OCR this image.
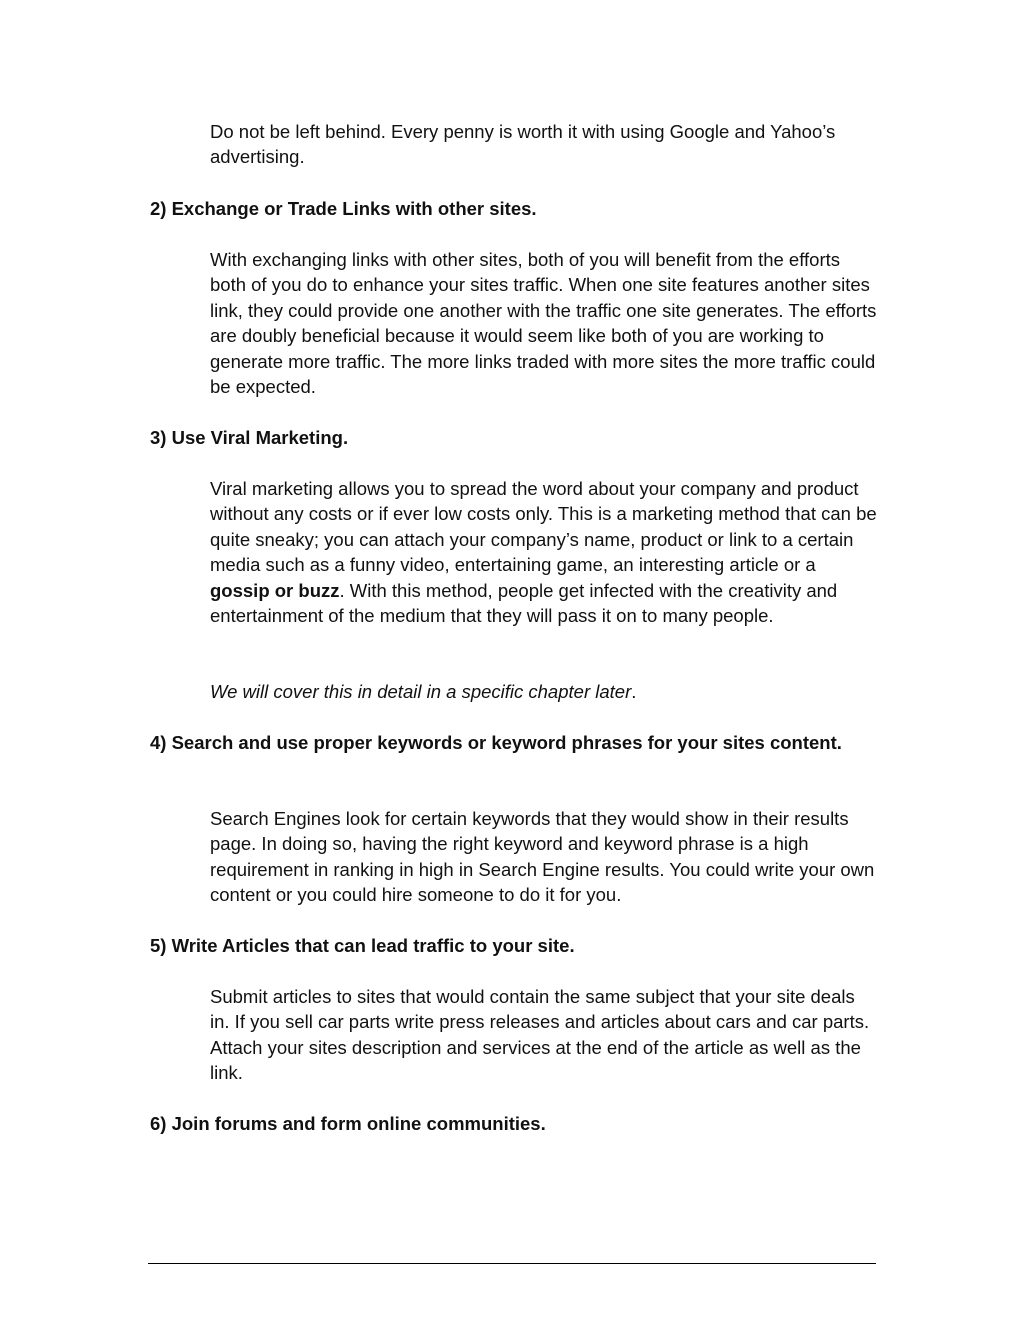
Do not be left behind. Every penny is worth it with using Google and Yahoo’s advertising.

2) Exchange or Trade Links with other sites.

With exchanging links with other sites, both of you will benefit from the efforts both of you do to enhance your sites traffic. When one site features another sites link, they could provide one another with the traffic one site generates. The efforts are doubly beneficial because it would seem like both of you are working to generate more traffic. The more links traded with more sites the more traffic could be expected.

3) Use Viral Marketing.

Viral marketing allows you to spread the word about your company and product without any costs or if ever low costs only. This is a marketing method that can be quite sneaky; you can attach your company’s name, product or link to a certain media such as a funny video, entertaining game, an interesting article or a gossip or buzz. With this method, people get infected with the creativity and entertainment of the medium that they will pass it on to many people.

We will cover this in detail in a specific chapter later.

4) Search and use proper keywords or keyword phrases for your sites content.

Search Engines look for certain keywords that they would show in their results page. In doing so, having the right keyword and keyword phrase is a high requirement in ranking in high in Search Engine results. You could write your own content or you could hire someone to do it for you.

5) Write Articles that can lead traffic to your site.

Submit articles to sites that would contain the same subject that your site deals in. If you sell car parts write press releases and articles about cars and car parts. Attach your sites description and services at the end of the article as well as the link.

6) Join forums and form online communities.
